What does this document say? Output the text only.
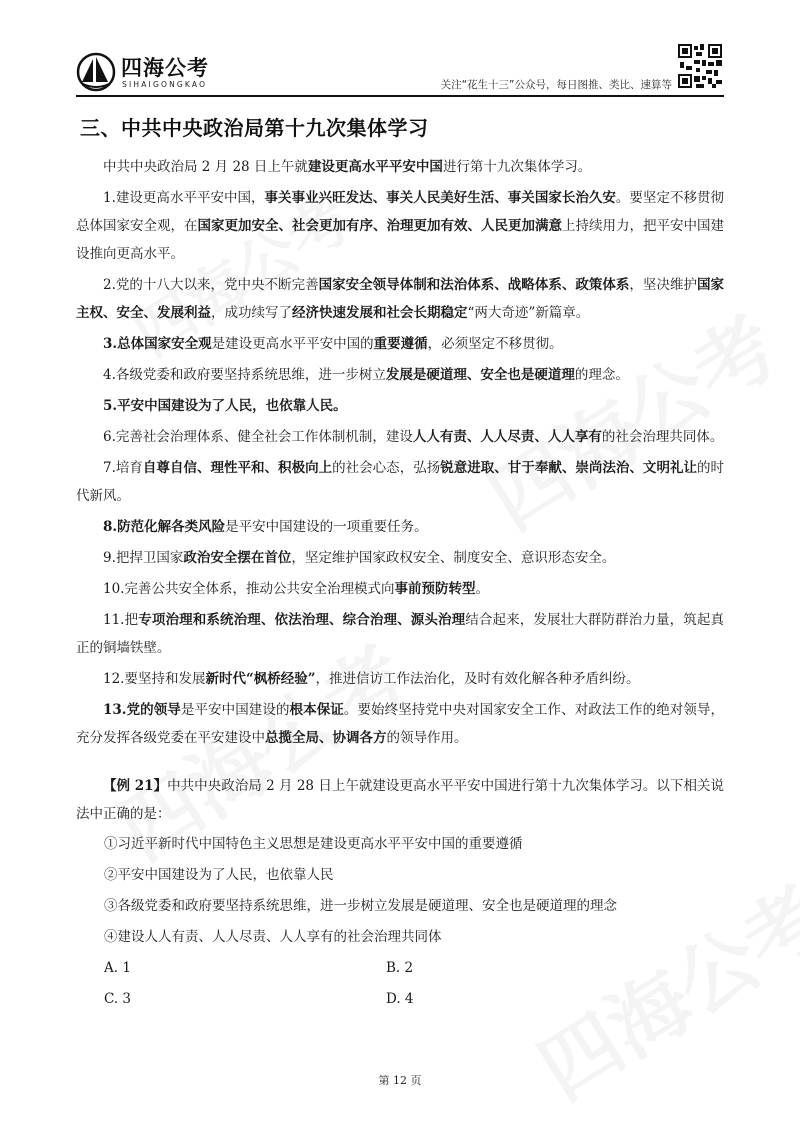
四海公考
SIHAIGONGKAO	关注“花生十三”公众号，每日图推、类比、速算等
三、中共中央政治局第十九次集体学习

中共中央政治局 2 月 28 日上午就建设更高水平平安中国进行第十九次集体学习。

1.建设更高水平平安中国，事关事业兴旺发达、事关人民美好生活、事关国家长治久安。要坚定不移贯彻总体国家安全观，在国家更加安全、社会更加有序、治理更加有效、人民更加满意上持续用力，把平安中国建设推向更高水平。

2.党的十八大以来，党中央不断完善国家安全领导体制和法治体系、战略体系、政策体系，坚决维护国家主权、安全、发展利益，成功续写了经济快速发展和社会长期稳定“两大奇迹”新篇章。

3.总体国家安全观是建设更高水平平安中国的重要遵循，必须坚定不移贯彻。

4.各级党委和政府要坚持系统思维，进一步树立发展是硬道理、安全也是硬道理的理念。

5.平安中国建设为了人民，也依靠人民。

6.完善社会治理体系、健全社会工作体制机制，建设人人有责、人人尽责、人人享有的社会治理共同体。

7.培育自尊自信、理性平和、积极向上的社会心态，弘扬锐意进取、甘于奉献、崇尚法治、文明礼让的时代新风。

8.防范化解各类风险是平安中国建设的一项重要任务。

9.把捍卫国家政治安全摆在首位，坚定维护国家政权安全、制度安全、意识形态安全。

10.完善公共安全体系，推动公共安全治理模式向事前预防转型。

11.把专项治理和系统治理、依法治理、综合治理、源头治理结合起来，发展壮大群防群治力量，筑起真正的铜墙铁壁。

12.要坚持和发展新时代“枫桥经验”，推进信访工作法治化，及时有效化解各种矛盾纠纷。

13.党的领导是平安中国建设的根本保证。要始终坚持党中央对国家安全工作、对政法工作的绝对领导，充分发挥各级党委在平安建设中总揽全局、协调各方的领导作用。

【例 21】中共中央政治局 2 月 28 日上午就建设更高水平平安中国进行第十九次集体学习。以下相关说法中正确的是：

①习近平新时代中国特色主义思想是建设更高水平平安中国的重要遵循

②平安中国建设为了人民，也依靠人民

③各级党委和政府要坚持系统思维，进一步树立发展是硬道理、安全也是硬道理的理念

④建设人人有责、人人尽责、人人享有的社会治理共同体

A. 1	B. 2
C. 3	D. 4
第 12 页
